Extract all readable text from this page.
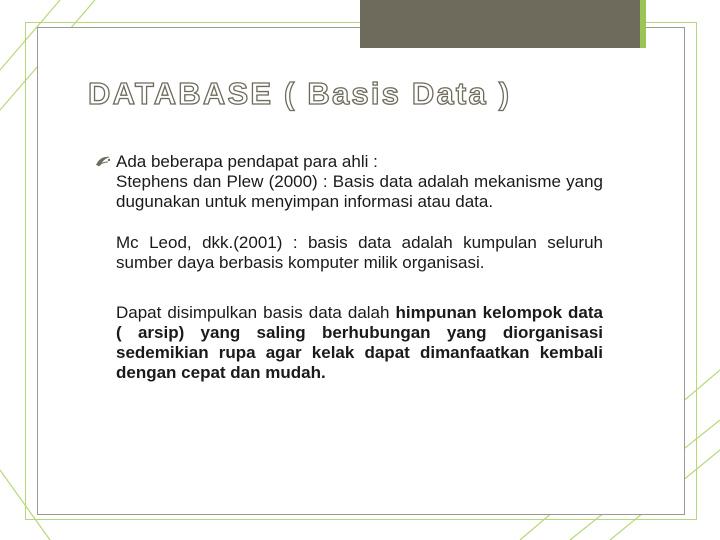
DATABASE ( Basis Data )
Ada beberapa pendapat para ahli :

Stephens dan Plew (2000) : Basis data adalah mekanisme yang dugunakan untuk menyimpan informasi atau data.

Mc Leod, dkk.(2001) : basis data adalah kumpulan seluruh sumber daya berbasis komputer milik organisasi.

Dapat disimpulkan basis data dalah himpunan kelompok data ( arsip) yang saling berhubungan yang diorganisasi sedemikian rupa agar kelak dapat dimanfaatkan kembali dengan cepat dan mudah.
